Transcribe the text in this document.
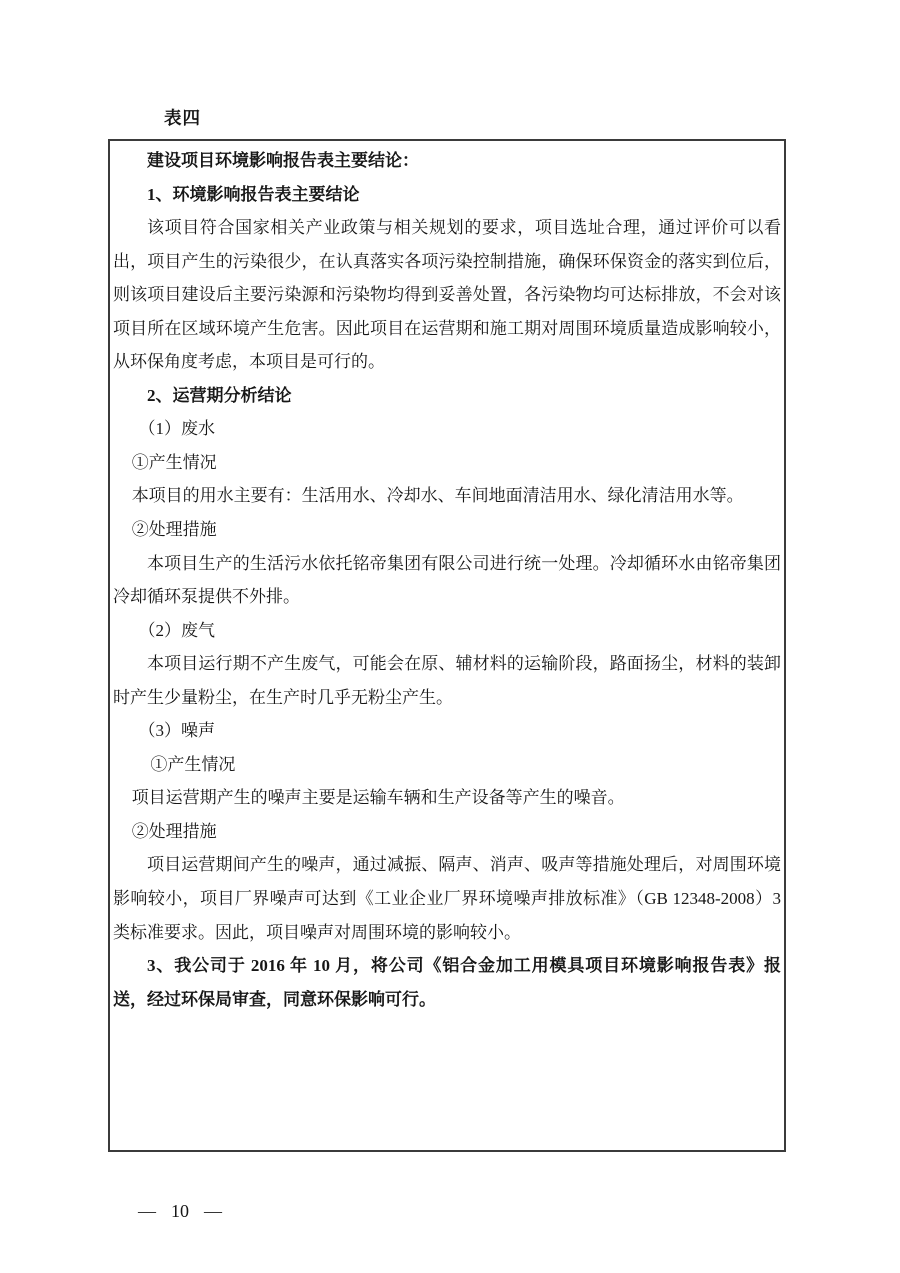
表四

建设项目环境影响报告表主要结论：

1、环境影响报告表主要结论

该项目符合国家相关产业政策与相关规划的要求，项目选址合理，通过评价可以看出，项目产生的污染很少，在认真落实各项污染控制措施，确保环保资金的落实到位后，则该项目建设后主要污染源和污染物均得到妥善处置，各污染物均可达标排放，不会对该项目所在区域环境产生危害。因此项目在运营期和施工期对周围环境质量造成影响较小，从环保角度考虑，本项目是可行的。

2、运营期分析结论

（1）废水

①产生情况

本项目的用水主要有：生活用水、冷却水、车间地面清洁用水、绿化清洁用水等。

②处理措施

本项目生产的生活污水依托铭帝集团有限公司进行统一处理。冷却循环水由铭帝集团冷却循环泵提供不外排。

（2）废气

本项目运行期不产生废气，可能会在原、辅材料的运输阶段，路面扬尘，材料的装卸时产生少量粉尘，在生产时几乎无粉尘产生。

（3）噪声

①产生情况

项目运营期产生的噪声主要是运输车辆和生产设备等产生的噪音。

②处理措施

项目运营期间产生的噪声，通过减振、隔声、消声、吸声等措施处理后，对周围环境影响较小，项目厂界噪声可达到《工业企业厂界环境噪声排放标准》（GB 12348-2008）3 类标准要求。因此，项目噪声对周围环境的影响较小。

3、我公司于 2016 年 10 月，将公司《铝合金加工用模具项目环境影响报告表》报送，经过环保局审查，同意环保影响可行。

— 10 —
